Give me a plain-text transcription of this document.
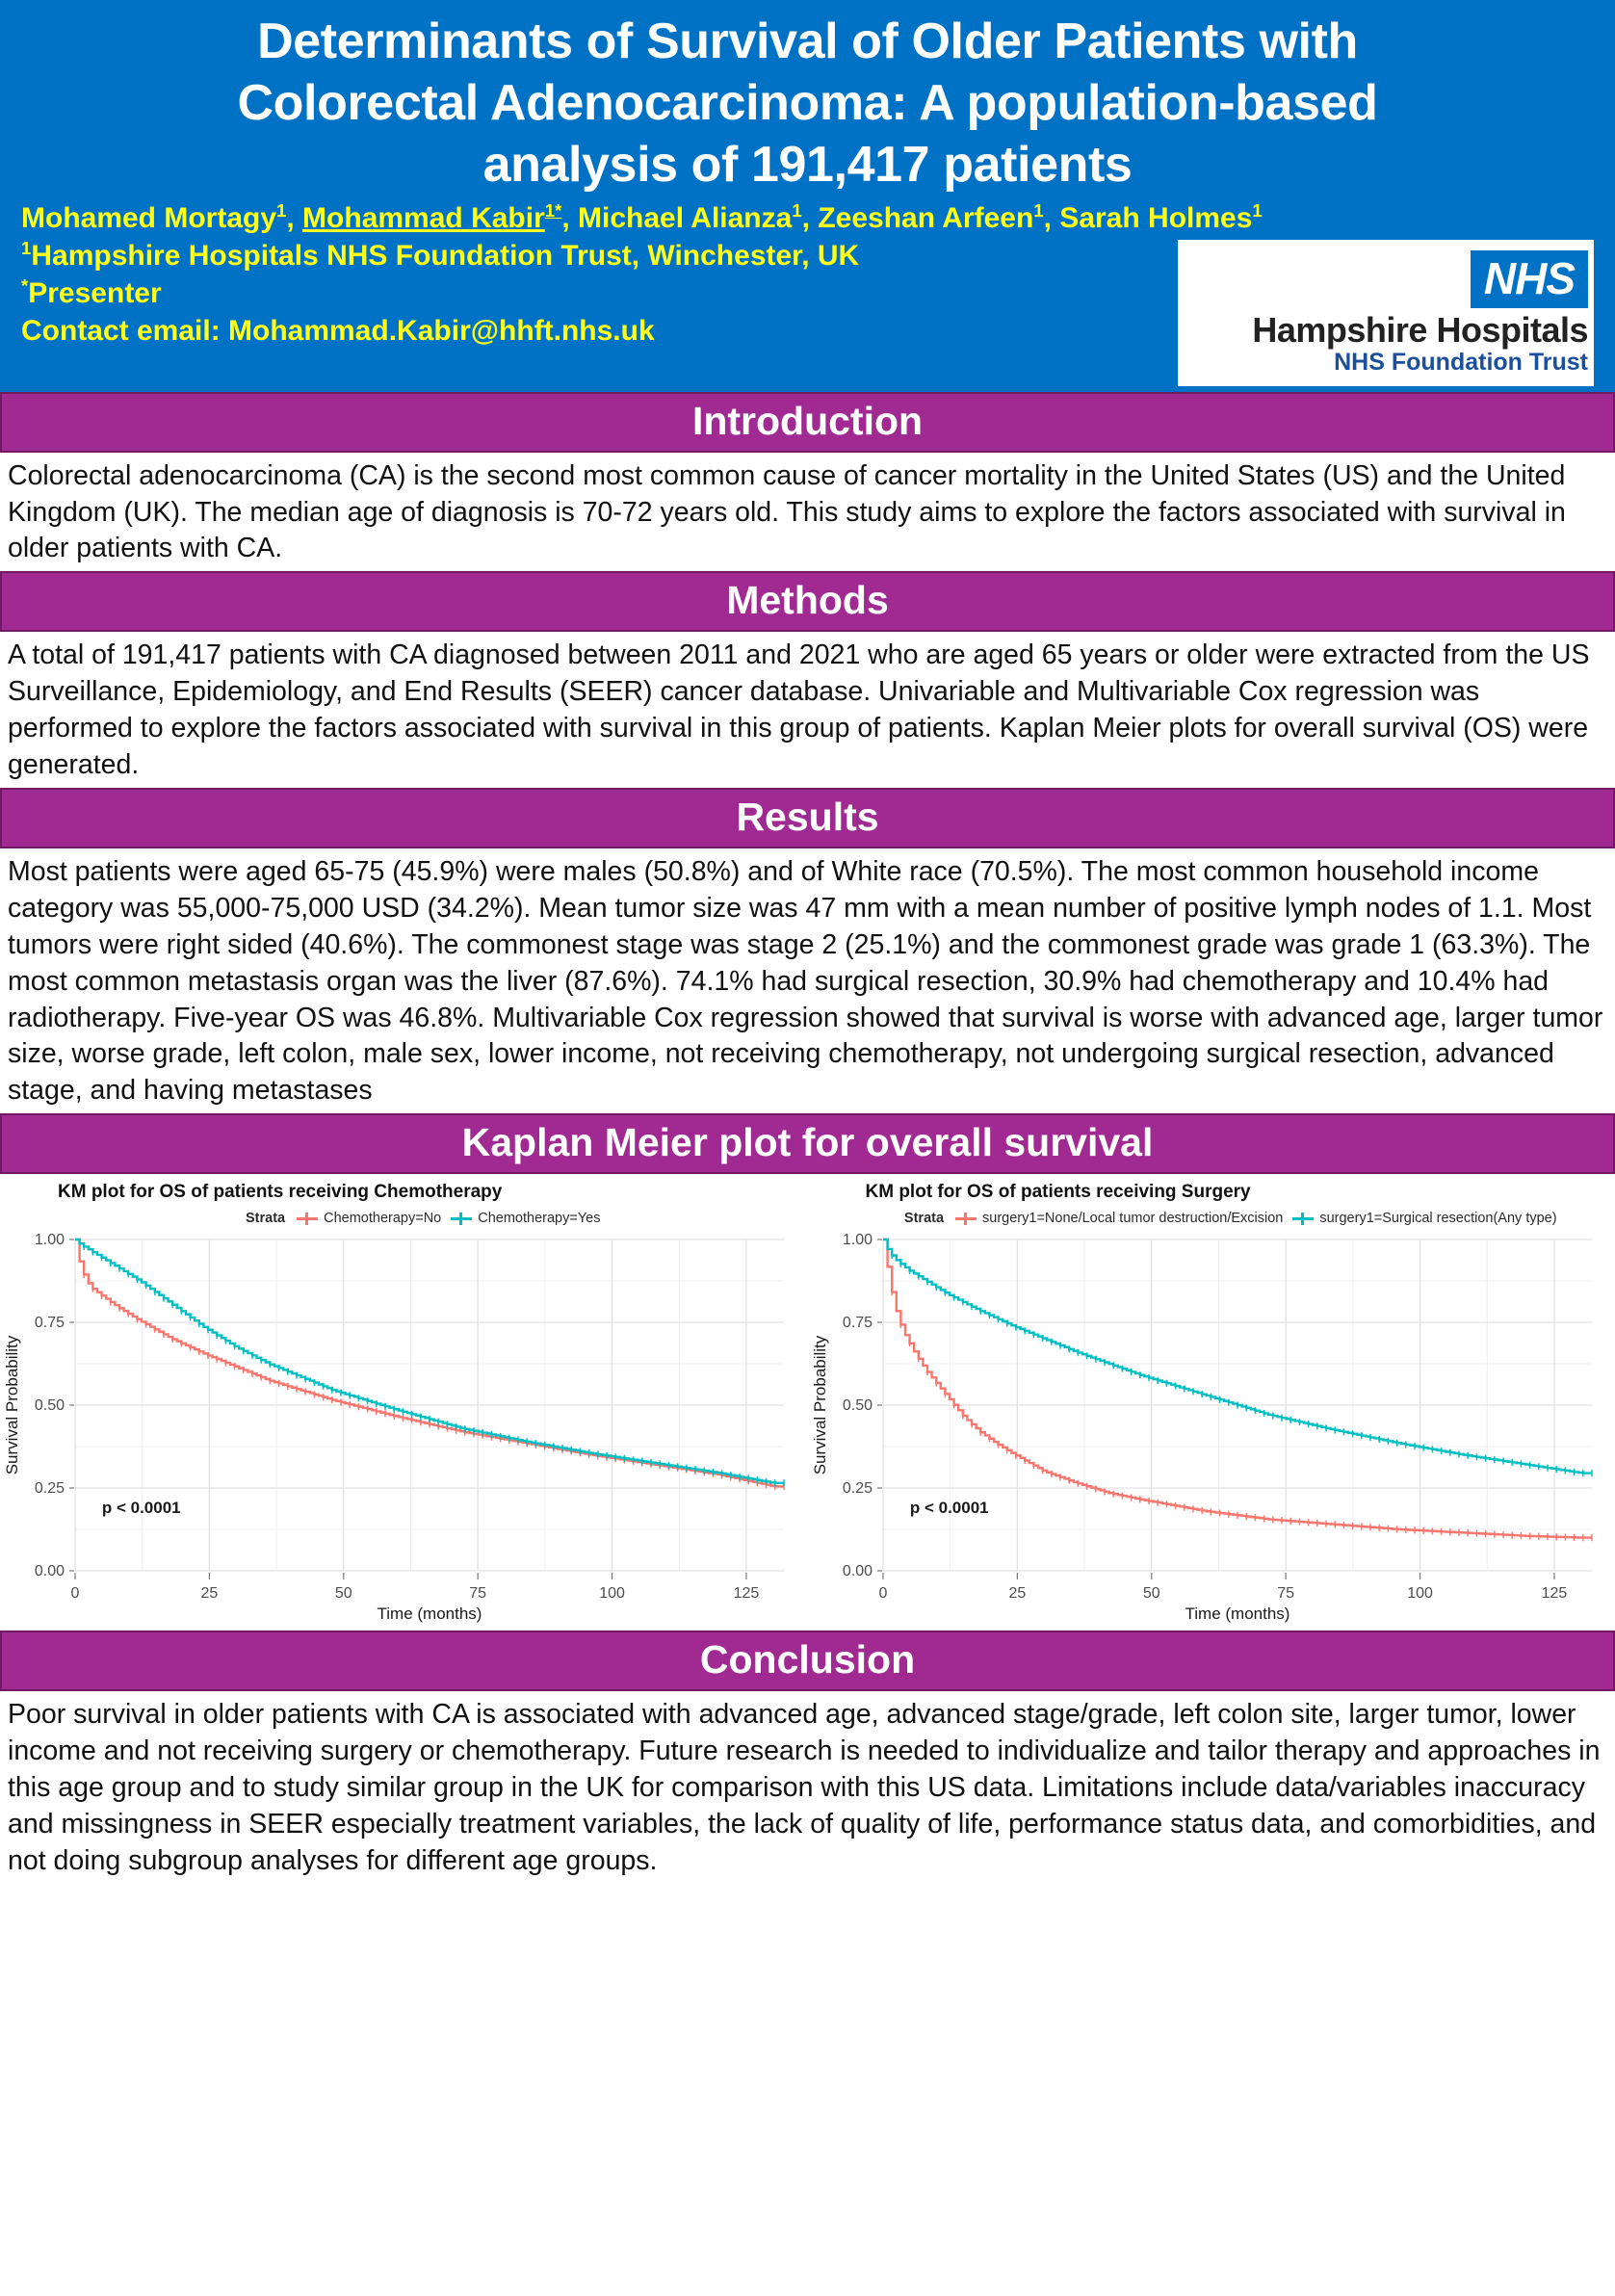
Determinants of Survival of Older Patients with
Colorectal Adenocarcinoma: A population-based
analysis of 191,417 patients

Mohamed Mortagy$^1$, Mohammad Kabir$^{1*}$, Michael Alianza$^1$, Zeeshan Arfeen$^1$, Sarah Holmes$^1$

$^1$Hampshire Hospitals NHS Foundation Trust, Winchester, UK

*Presenter

Contact email: Mohammad.Kabir@hhft.nhs.uk

NHS
Hampshire Hospitals
NHS Foundation Trust
Introduction

Colorectal adenocarcinoma (CA) is the second most common cause of cancer mortality in the United States (US) and the United Kingdom (UK). The median age of diagnosis is 70-72 years old. This study aims to explore the factors associated with survival in older patients with CA.

Methods

A total of 191,417 patients with CA diagnosed between 2011 and 2021 who are aged 65 years or older were extracted from the US Surveillance, Epidemiology, and End Results (SEER) cancer database. Univariable and Multivariable Cox regression was performed to explore the factors associated with survival in this group of patients. Kaplan Meier plots for overall survival (OS) were generated.

Results

Most patients were aged 65-75 (45.9%) were males (50.8%) and of White race (70.5%). The most common household income category was 55,000-75,000 USD (34.2%). Mean tumor size was 47 mm with a mean number of positive lymph nodes of 1.1. Most tumors were right sided (40.6%). The commonest stage was stage 2 (25.1%) and the commonest grade was grade 1 (63.3%). The most common metastasis organ was the liver (87.6%). 74.1% had surgical resection, 30.9% had chemotherapy and 10.4% had radiotherapy. Five-year OS was 46.8%. Multivariable Cox regression showed that survival is worse with advanced age, larger tumor size, worse grade, left colon, male sex, lower income, not receiving chemotherapy, not undergoing surgical resection, advanced stage, and having metastases

Kaplan Meier plot for overall survival
KM plot for OS of patients receiving Chemotherapy
Strata	Chemotherapy=No	Chemotherapy=Yes
0.00
0.25
0.50
0.75
1.00
0	25	50	75	100	125
Time (months)
Survival Probability
p < 0.0001
KM plot for OS of patients receiving Surgery
Strata	surgery1=None/Local tumor destruction/Excision	surgery1=Surgical resection(Any type)
0.00
0.25
0.50
0.75
1.00
0	25	50	75	100	125
Time (months)
Survival Probability
p < 0.0001
Conclusion

Poor survival in older patients with CA is associated with advanced age, advanced stage/grade, left colon site, larger tumor, lower income and not receiving surgery or chemotherapy. Future research is needed to individualize and tailor therapy and approaches in this age group and to study similar group in the UK for comparison with this US data. Limitations include data/variables inaccuracy and missingness in SEER especially treatment variables, the lack of quality of life, performance status data, and comorbidities, and not doing subgroup analyses for different age groups.
